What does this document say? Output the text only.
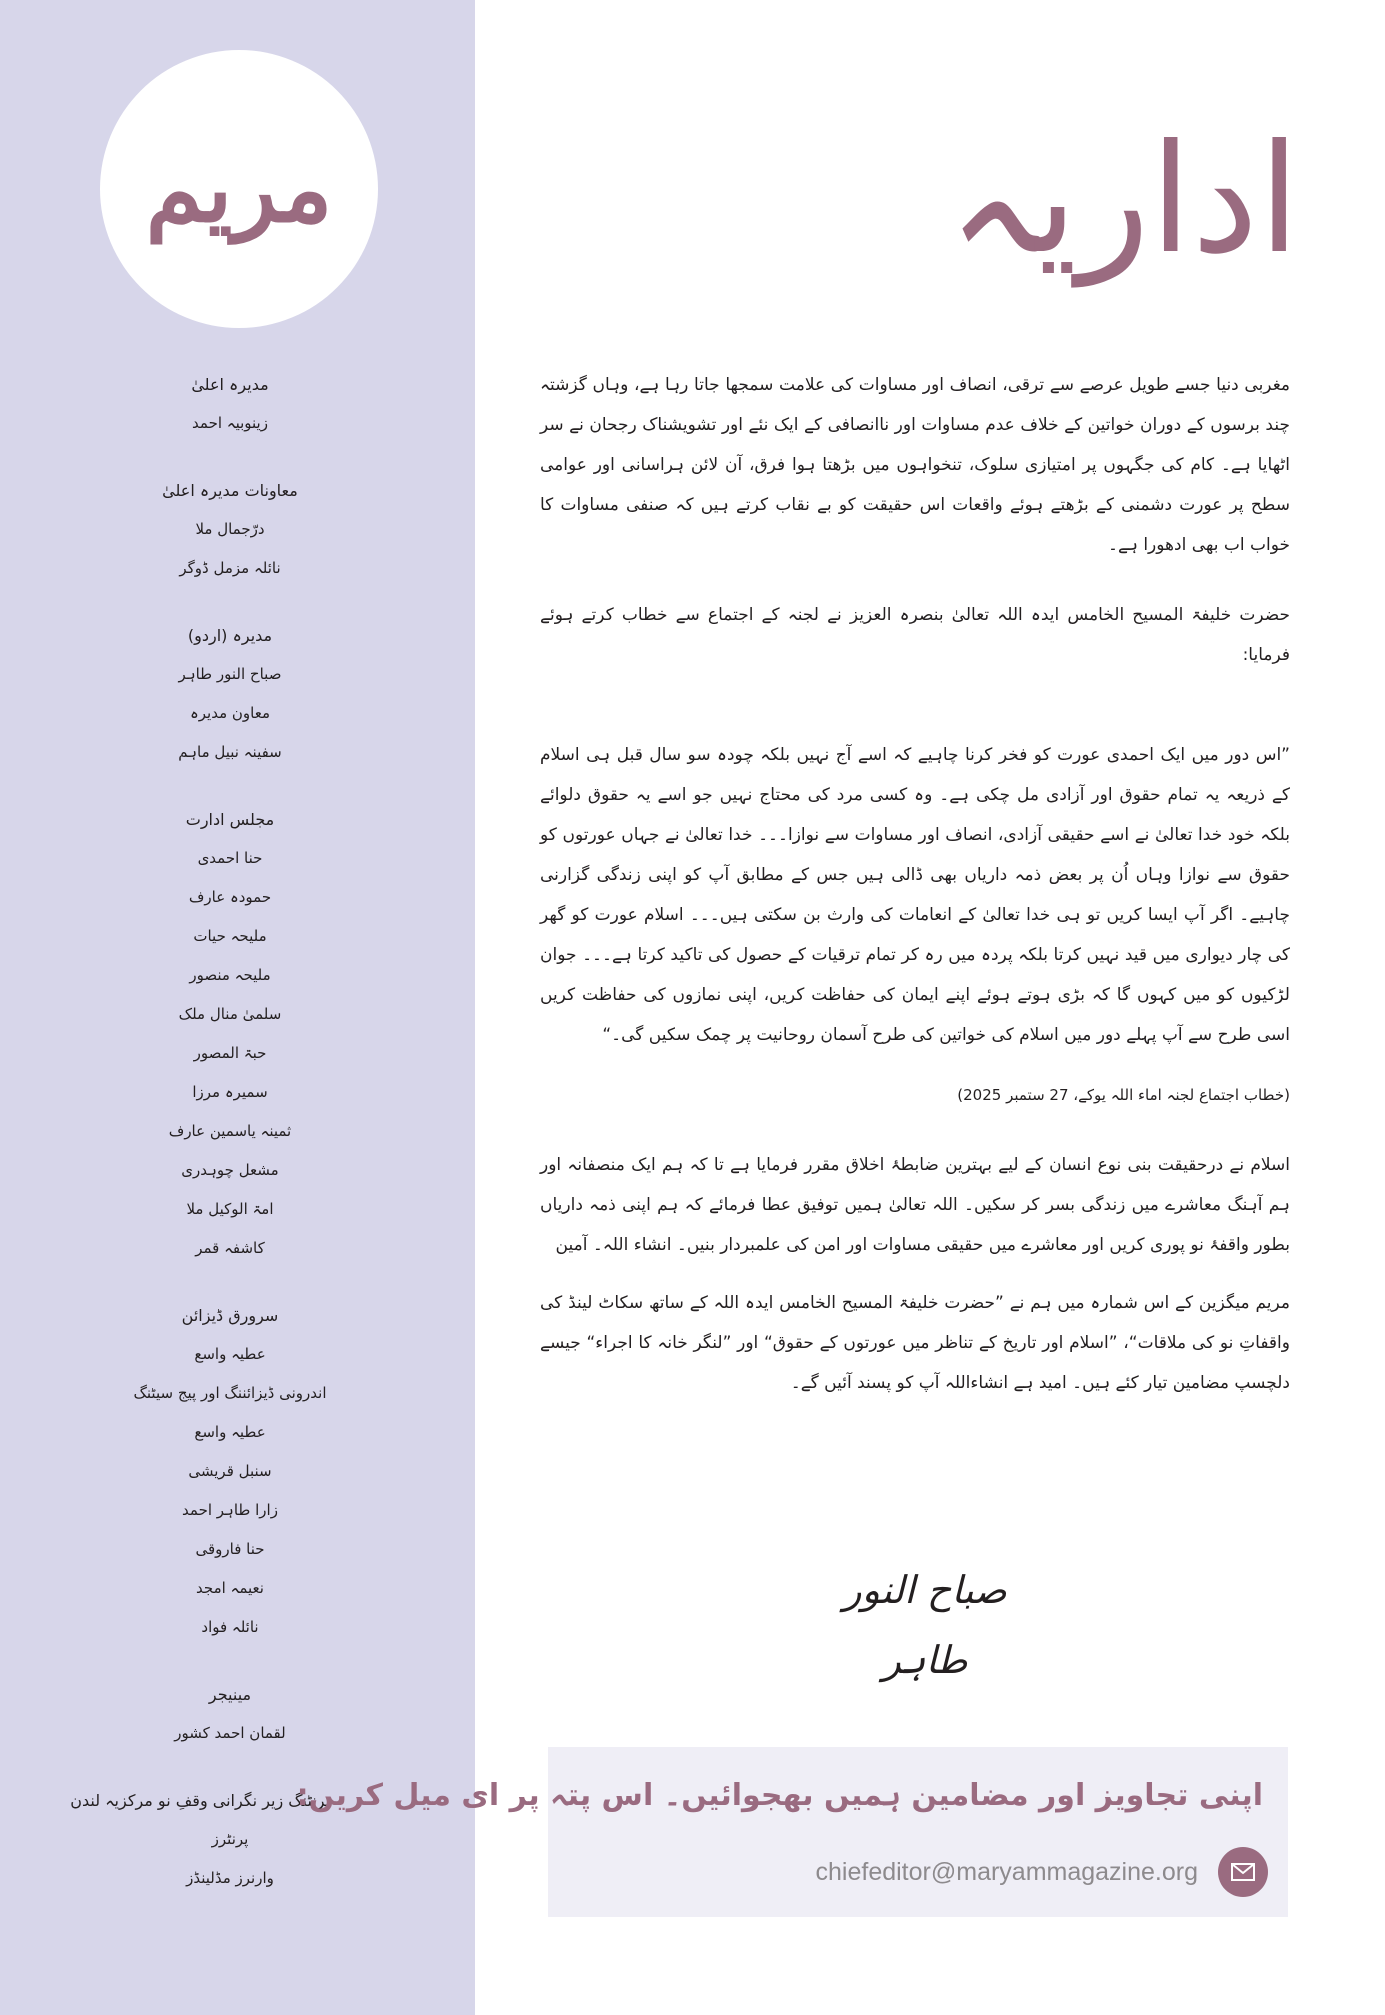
مریم
مدیرہ اعلیٰ
زینوبیہ احمد
معاونات مدیرہ اعلیٰ
درّجمال ملا
نائلہ مزمل ڈوگر
مدیرہ (اردو)
صباح النور طاہر
معاون مدیرہ
سفینہ نبیل ماہم
مجلس ادارت
حنا احمدی
حمودہ عارف
ملیحہ حیات
ملیحہ منصور
سلمیٰ منال ملک
حبۃ المصور
سمیرہ مرزا
ثمینہ یاسمین عارف
مشعل چوہدری
امۃ الوکیل ملا
کاشفہ قمر
سرورق ڈیزائن
عطیہ واسع
اندرونی ڈیزائننگ اور پیج سیٹنگ
عطیہ واسع
سنبل قریشی
زارا طاہر احمد
حنا فاروقی
نعیمہ امجد
نائلہ فواد
مینیجر
لقمان احمد کشور
پرنٹنگ زیر نگرانی وقفِ نو مرکزیہ لندن
پرنٹرز
وارنرز مڈلینڈز
اداریہ

مغربی دنیا جسے طویل عرصے سے ترقی، انصاف اور مساوات کی علامت سمجھا جاتا رہا ہے، وہاں گزشتہ چند برسوں کے دوران خواتین کے خلاف عدم مساوات اور ناانصافی کے ایک نئے اور تشویشناک رجحان نے سر اٹھایا ہے۔ کام کی جگہوں پر امتیازی سلوک، تنخواہوں میں بڑھتا ہوا فرق، آن لائن ہراسانی اور عوامی سطح پر عورت دشمنی کے بڑھتے ہوئے واقعات اس حقیقت کو بے نقاب کرتے ہیں کہ صنفی مساوات کا خواب اب بھی ادھورا ہے۔

حضرت خلیفۃ المسیح الخامس ایدہ اللہ تعالیٰ بنصرہ العزیز نے لجنہ کے اجتماع سے خطاب کرتے ہوئے فرمایا:

”اس دور میں ایک احمدی عورت کو فخر کرنا چاہیے کہ اسے آج نہیں بلکہ چودہ سو سال قبل ہی اسلام کے ذریعہ یہ تمام حقوق اور آزادی مل چکی ہے۔ وہ کسی مرد کی محتاج نہیں جو اسے یہ حقوق دلوائے بلکہ خود خدا تعالیٰ نے اسے حقیقی آزادی، انصاف اور مساوات سے نوازا۔۔۔ خدا تعالیٰ نے جہاں عورتوں کو حقوق سے نوازا وہاں اُن پر بعض ذمہ داریاں بھی ڈالی ہیں جس کے مطابق آپ کو اپنی زندگی گزارنی چاہیے۔ اگر آپ ایسا کریں تو ہی خدا تعالیٰ کے انعامات کی وارث بن سکتی ہیں۔۔۔ اسلام عورت کو گھر کی چار دیواری میں قید نہیں کرتا بلکہ پردہ میں رہ کر تمام ترقیات کے حصول کی تاکید کرتا ہے۔۔۔ جوان لڑکیوں کو میں کہوں گا کہ بڑی ہوتے ہوئے اپنے ایمان کی حفاظت کریں، اپنی نمازوں کی حفاظت کریں اسی طرح سے آپ پہلے دور میں اسلام کی خواتین کی طرح آسمان روحانیت پر چمک سکیں گی۔“

(خطاب اجتماع لجنہ اماء اللہ یوکے، 27 ستمبر 2025)

اسلام نے درحقیقت بنی نوع انسان کے لیے بہترین ضابطۂ اخلاق مقرر فرمایا ہے تا کہ ہم ایک منصفانہ اور ہم آہنگ معاشرے میں زندگی بسر کر سکیں۔ اللہ تعالیٰ ہمیں توفیق عطا فرمائے کہ ہم اپنی ذمہ داریاں بطور واقفۂ نو پوری کریں اور معاشرے میں حقیقی مساوات اور امن کی علمبردار بنیں۔ انشاء اللہ۔ آمین

مریم میگزین کے اس شمارہ میں ہم نے ”حضرت خلیفۃ المسیح الخامس ایدہ اللہ کے ساتھ سکاٹ لینڈ کی واقفاتِ نو کی ملاقات“، ”اسلام اور تاریخ کے تناظر میں عورتوں کے حقوق“ اور ”لنگر خانہ کا اجراء“ جیسے دلچسپ مضامین تیار کئے ہیں۔ امید ہے انشاءاللہ آپ کو پسند آئیں گے۔

صباح النور طاہر
اپنی تجاویز اور مضامین ہمیں بھجوائیں۔ اس پتہ پر ای میل کریں:
chiefeditor@maryammagazine.org
